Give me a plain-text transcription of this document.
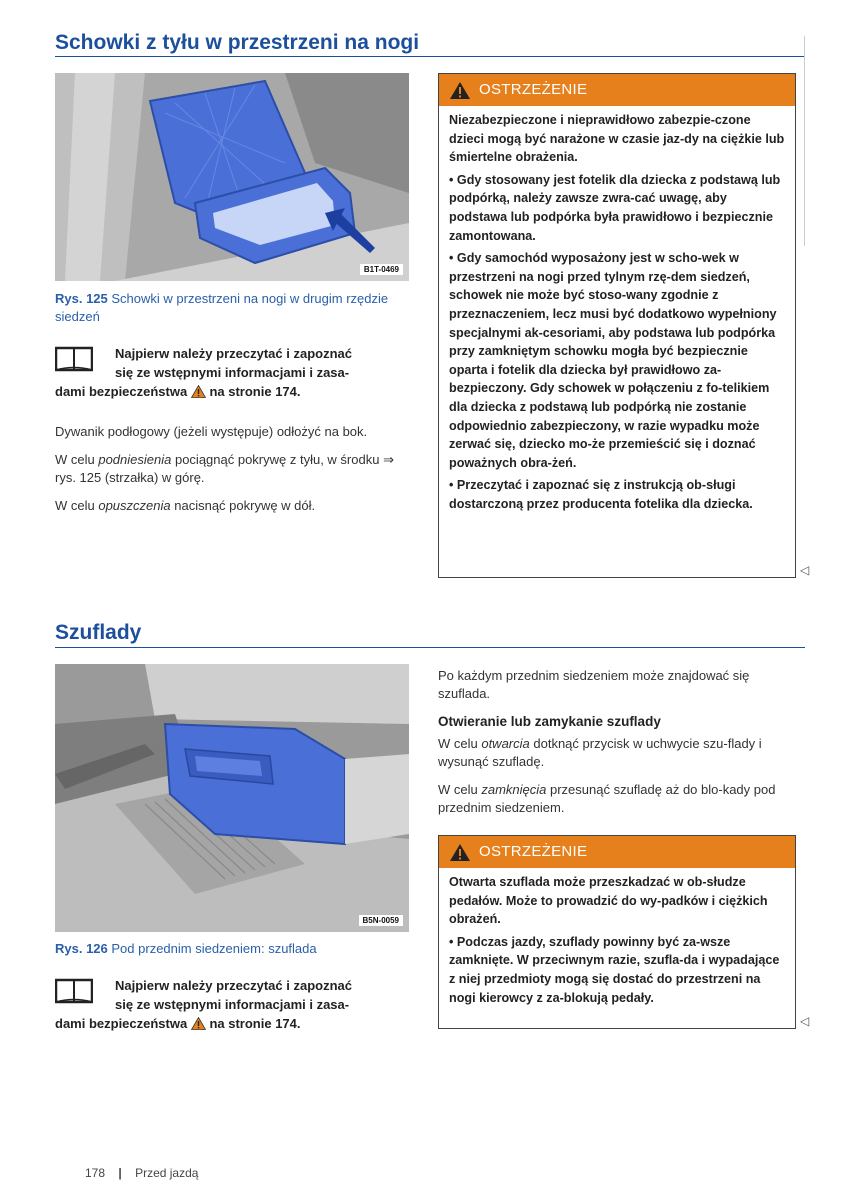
Schowki z tyłu w przestrzeni na nogi
B1T-0469
Rys. 125 Schowki w przestrzeni na nogi w drugim rzędzie siedzeń
Najpierw należy przeczytać i zapoznać
się ze wstępnymi informacjami i zasa-
dami bezpieczeństwa na stronie 174.

Dywanik podłogowy (jeżeli występuje) odłożyć na bok.

W celu podniesienia pociągnąć pokrywę z tyłu, w środku ⇒ rys. 125 (strzałka) w górę.

W celu opuszczenia nacisnąć pokrywę w dół.

OSTRZEŻENIE

Niezabezpieczone i nieprawidłowo zabezpie-czone dzieci mogą być narażone w czasie jaz-dy na ciężkie lub śmiertelne obrażenia.

• Gdy stosowany jest fotelik dla dziecka z podstawą lub podpórką, należy zawsze zwra-cać uwagę, aby podstawa lub podpórka była prawidłowo i bezpiecznie zamontowana.

• Gdy samochód wyposażony jest w scho-wek w przestrzeni na nogi przed tylnym rzę-dem siedzeń, schowek nie może być stoso-wany zgodnie z przeznaczeniem, lecz musi być dodatkowo wypełniony specjalnymi ak-cesoriami, aby podstawa lub podpórka przy zamkniętym schowku mogła być bezpiecznie oparta i fotelik dla dziecka był prawidłowo za-bezpieczony. Gdy schowek w połączeniu z fo-telikiem dla dziecka z podstawą lub podpórką nie zostanie odpowiednio zabezpieczony, w razie wypadku może zerwać się, dziecko mo-że przemieścić się i doznać poważnych obra-żeń.

• Przeczytać i zapoznać się z instrukcją ob-sługi dostarczoną przez producenta fotelika dla dziecka.

◁
Szuflady
B5N-0059
Rys. 126 Pod przednim siedzeniem: szuflada
Najpierw należy przeczytać i zapoznać
się ze wstępnymi informacjami i zasa-
dami bezpieczeństwa na stronie 174.

Po każdym przednim siedzeniem może znajdować się szuflada.

Otwieranie lub zamykanie szuflady

W celu otwarcia dotknąć przycisk w uchwycie szu-flady i wysunąć szufladę.

W celu zamknięcia przesunąć szufladę aż do blo-kady pod przednim siedzeniem.

OSTRZEŻENIE

Otwarta szuflada może przeszkadzać w ob-słudze pedałów. Może to prowadzić do wy-padków i ciężkich obrażeń.

• Podczas jazdy, szuflady powinny być za-wsze zamknięte. W przeciwnym razie, szufla-da i wypadające z niej przedmioty mogą się dostać do przestrzeni na nogi kierowcy z za-blokują pedały.

◁
178 | Przed jazdą
